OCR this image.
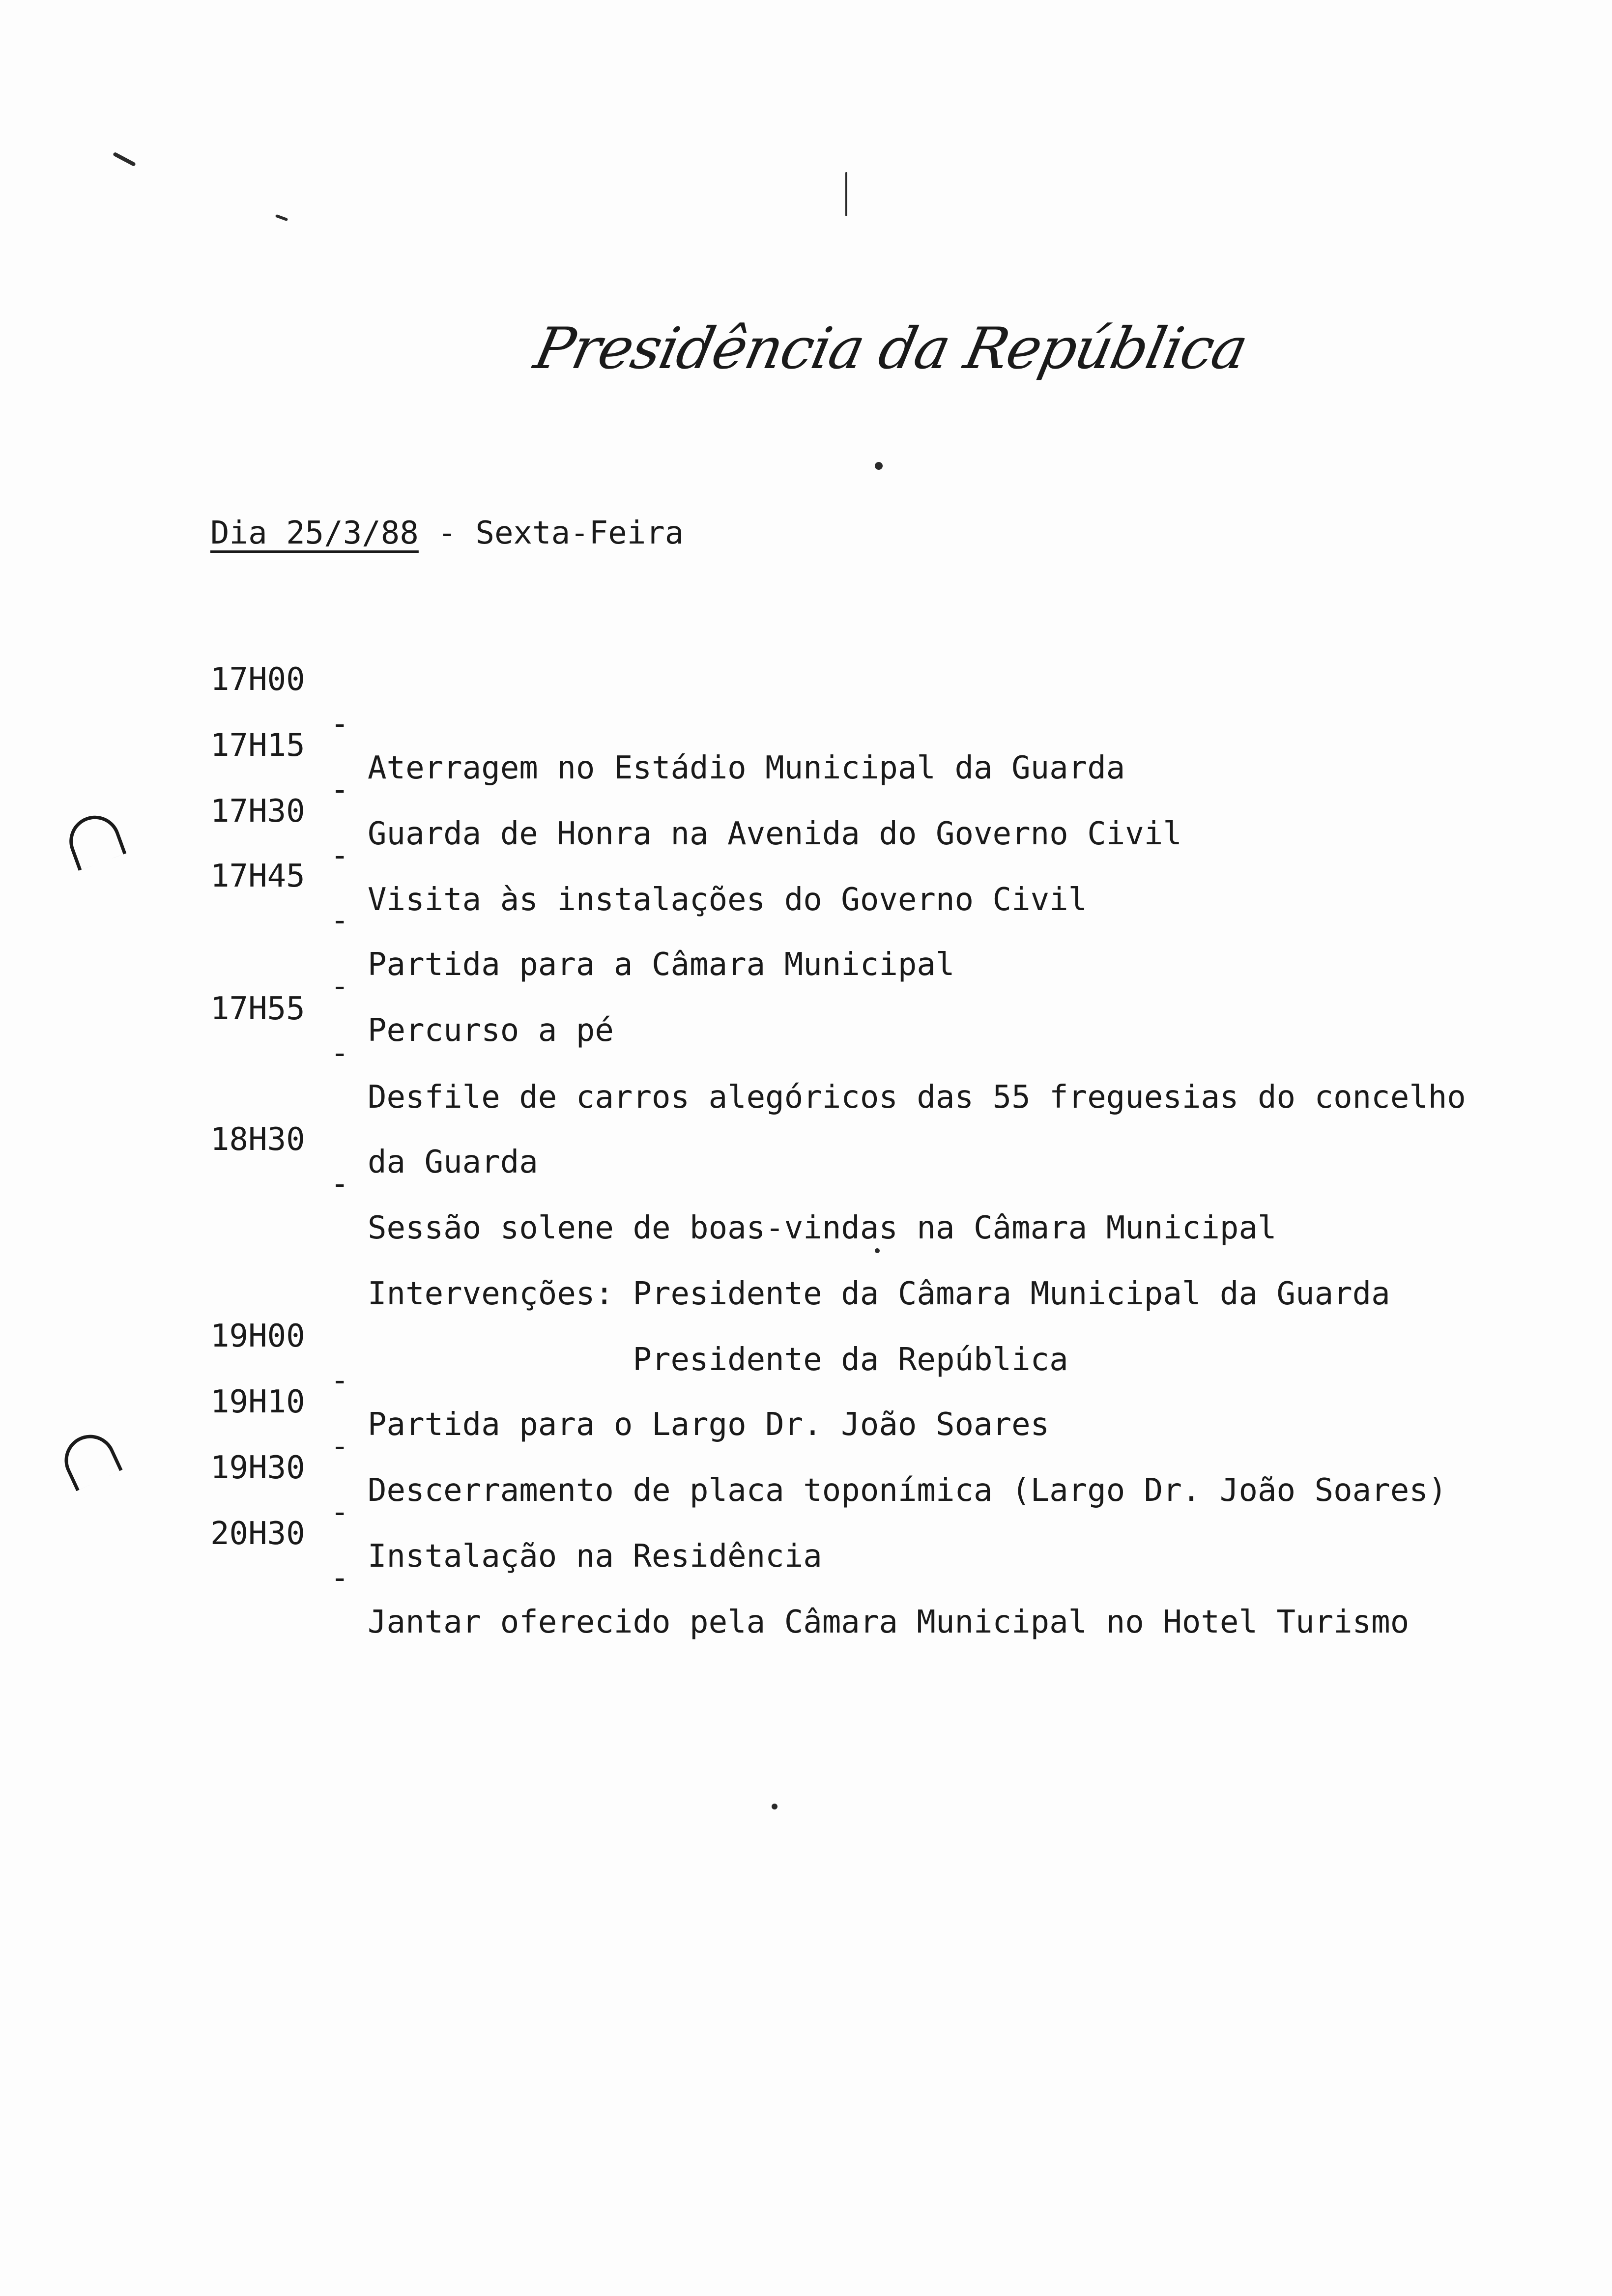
Presidência da República
Dia 25/3/88 - Sexta-Feira

17H00

-

Aterragem no Estádio Municipal da Guarda

17H15

-

Guarda de Honra na Avenida do Governo Civil

17H30

-

Visita às instalações do Governo Civil

17H45

-

Partida para a Câmara Municipal

-

Percurso a pé

17H55

-

Desfile de carros alegóricos das 55 freguesias do concelho

da Guarda

18H30

-

Sessão solene de boas-vindas na Câmara Municipal

Intervenções: Presidente da Câmara Municipal da Guarda

Presidente da República

19H00

-

Partida para o Largo Dr. João Soares

19H10

-

Descerramento de placa toponímica (Largo Dr. João Soares)

19H30

-

Instalação na Residência

20H30

-

Jantar oferecido pela Câmara Municipal no Hotel Turismo
